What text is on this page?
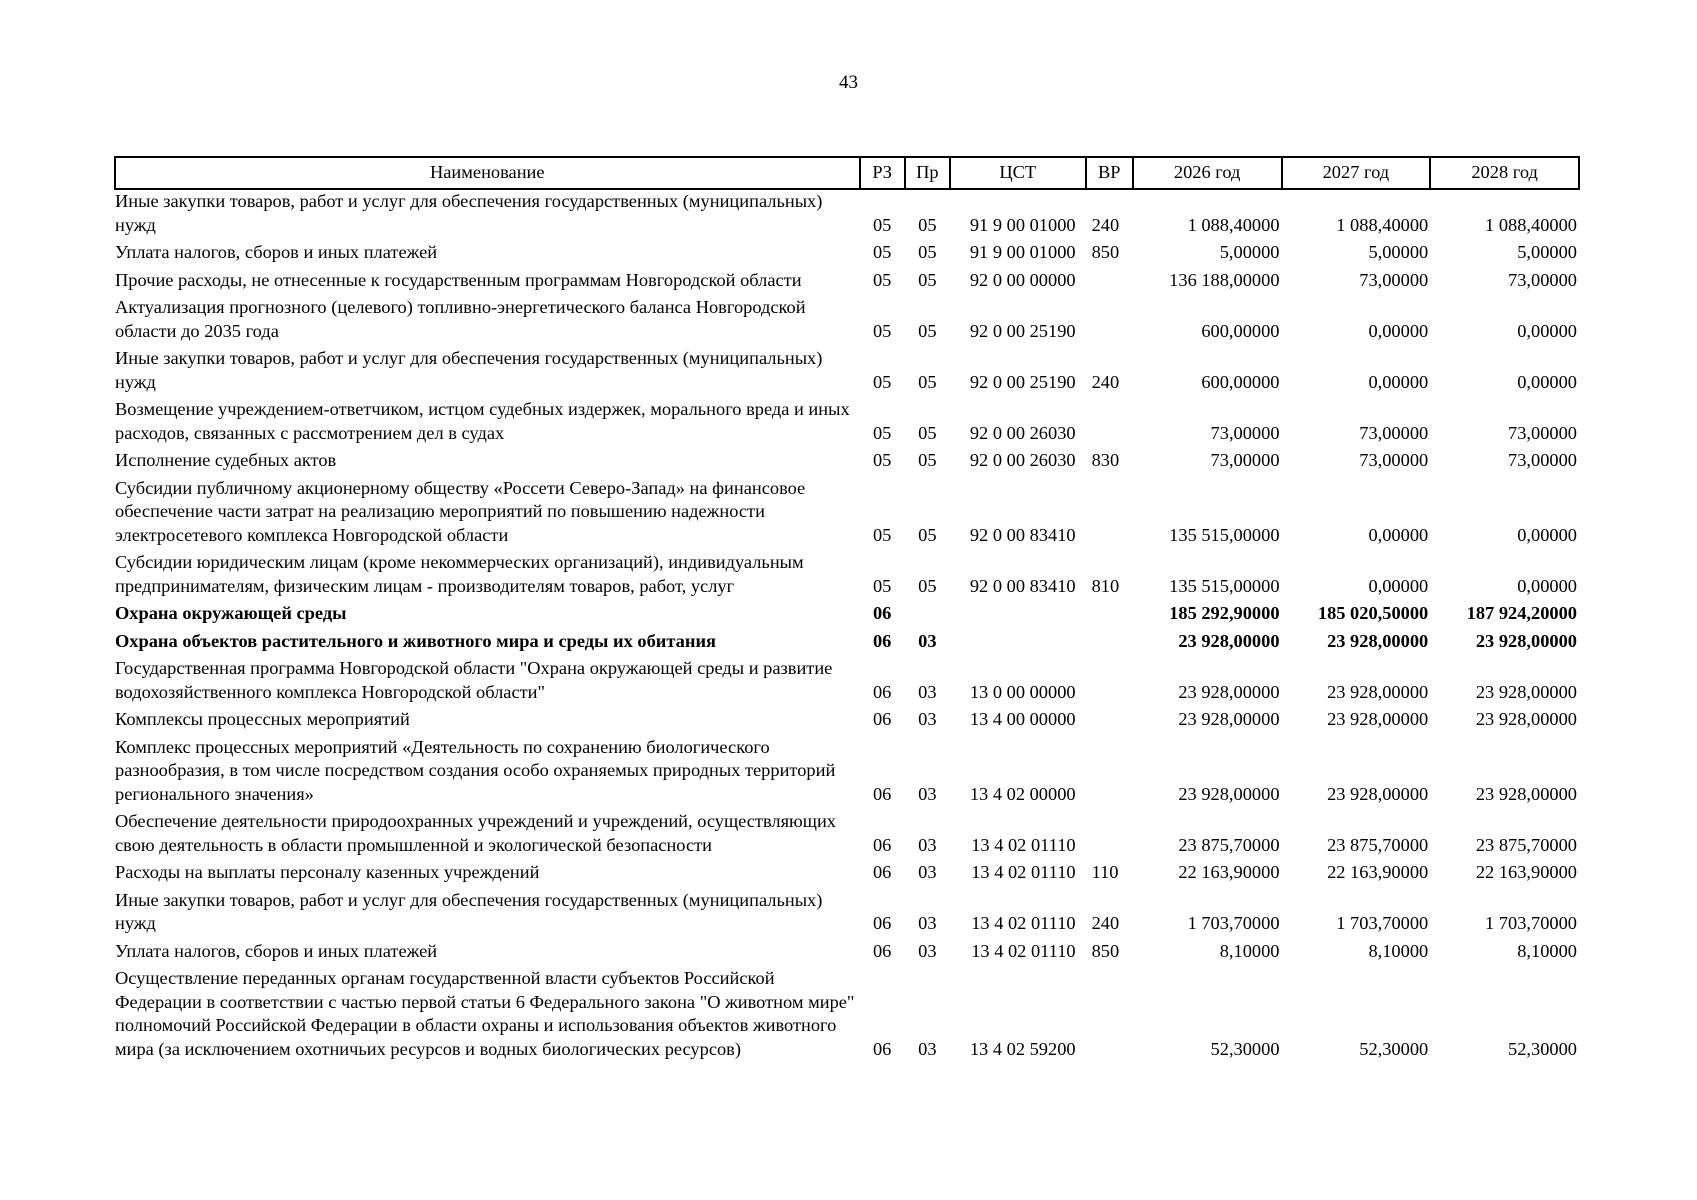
43
Наименование	РЗ	Пр	ЦСТ	ВР	2026 год	2027 год	2028 год
Иные закупки товаров, работ и услуг для обеспечения государственных (муниципальных) нужд	05	05	91 9 00 01000	240	1 088,40000	1 088,40000	1 088,40000
Уплата налогов, сборов и иных платежей	05	05	91 9 00 01000	850	5,00000	5,00000	5,00000
Прочие расходы, не отнесенные к государственным программам Новгородской области	05	05	92 0 00 00000		136 188,00000	73,00000	73,00000
Актуализация прогнозного (целевого) топливно-энергетического баланса Новгородской области до 2035 года	05	05	92 0 00 25190		600,00000	0,00000	0,00000
Иные закупки товаров, работ и услуг для обеспечения государственных (муниципальных) нужд	05	05	92 0 00 25190	240	600,00000	0,00000	0,00000
Возмещение учреждением-ответчиком, истцом судебных издержек, морального вреда и иных расходов, связанных с рассмотрением дел в судах	05	05	92 0 00 26030		73,00000	73,00000	73,00000
Исполнение судебных актов	05	05	92 0 00 26030	830	73,00000	73,00000	73,00000
Субсидии публичному акционерному обществу «Россети Северо-Запад» на финансовое обеспечение части затрат на реализацию мероприятий по повышению надежности электросетевого комплекса Новгородской области	05	05	92 0 00 83410		135 515,00000	0,00000	0,00000
Субсидии юридическим лицам (кроме некоммерческих организаций), индивидуальным предпринимателям, физическим лицам - производителям товаров, работ, услуг	05	05	92 0 00 83410	810	135 515,00000	0,00000	0,00000
Охрана окружающей среды	06				185 292,90000	185 020,50000	187 924,20000
Охрана объектов растительного и животного мира и среды их обитания	06	03			23 928,00000	23 928,00000	23 928,00000
Государственная программа Новгородской области "Охрана окружающей среды и развитие водохозяйственного комплекса Новгородской области"	06	03	13 0 00 00000		23 928,00000	23 928,00000	23 928,00000
Комплексы процессных мероприятий	06	03	13 4 00 00000		23 928,00000	23 928,00000	23 928,00000
Комплекс процессных мероприятий «Деятельность по сохранению биологического разнообразия, в том числе посредством создания особо охраняемых природных территорий регионального значения»	06	03	13 4 02 00000		23 928,00000	23 928,00000	23 928,00000
Обеспечение деятельности природоохранных учреждений и учреждений, осуществляющих свою деятельность в области промышленной и экологической безопасности	06	03	13 4 02 01110		23 875,70000	23 875,70000	23 875,70000
Расходы на выплаты персоналу казенных учреждений	06	03	13 4 02 01110	110	22 163,90000	22 163,90000	22 163,90000
Иные закупки товаров, работ и услуг для обеспечения государственных (муниципальных) нужд	06	03	13 4 02 01110	240	1 703,70000	1 703,70000	1 703,70000
Уплата налогов, сборов и иных платежей	06	03	13 4 02 01110	850	8,10000	8,10000	8,10000
Осуществление переданных органам государственной власти субъектов Российской Федерации в соответствии с частью первой статьи 6 Федерального закона "О животном мире" полномочий Российской Федерации в области охраны и использования объектов животного мира (за исключением охотничьих ресурсов и водных биологических ресурсов)	06	03	13 4 02 59200		52,30000	52,30000	52,30000
